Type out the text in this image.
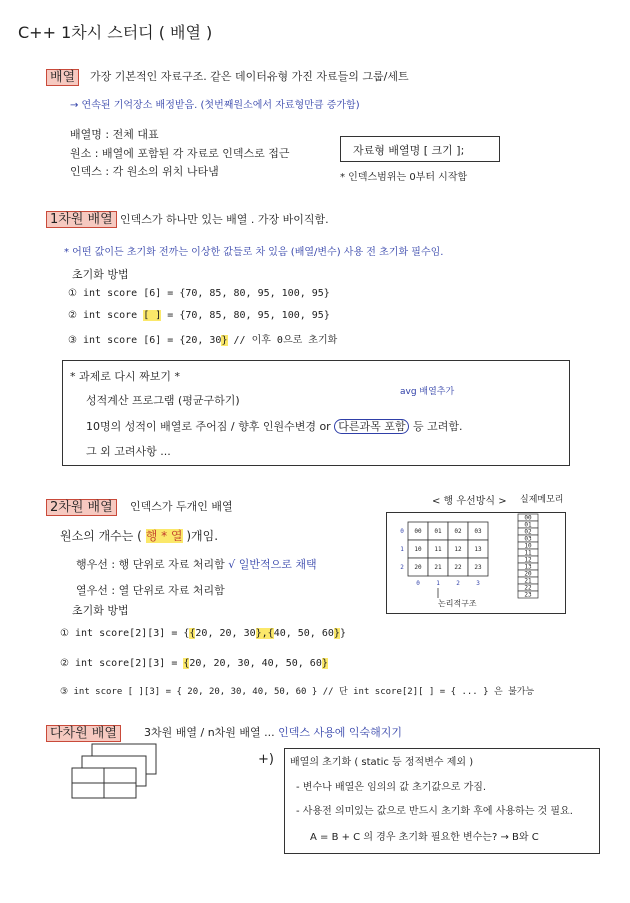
C++ 1차시 스터디 ( 배열 )
배열	가장 기본적인 자료구조. 같은 데이터유형 가진 자료들의 그룹/세트
→ 연속된 기억장소 배정받음. (첫번째원소에서 자료형만큼 증가함)
배열명 : 전체 대표
원소 : 배열에 포함된 각 자료로 인덱스로 접근
인덱스 : 각 원소의 위치 나타냄
자료형 배열명 [ 크기 ];
* 인덱스범위는 0부터 시작함
1차원 배열 인덱스가 하나만 있는 배열 . 가장 바이직함.
* 어떤 값이든 초기화 전까는 이상한 값들로 차 있음 (배열/변수) 사용 전 초기화 필수임.
초기화 방법
① int score [6] = {70, 85, 80, 95, 100, 95}
② int score [ ] = {70, 85, 80, 95, 100, 95}
③ int score [6] = {20, 30} // 이후 0으로 초기화
* 과제로 다시 짜보기 *
성적계산 프로그램 (평균구하기)
avg 배열추가
10명의 성적이 배열로 주어짐 / 향후 인원수변경 or 다른과목 포함 등 고려함.
그 외 고려사항 ...
2차원 배열	인덱스가 두개인 배열
원소의 개수는 ( 행 * 열 )개임.
행우선 : 행 단위로 자료 처리함 √ 일반적으로 채택
열우선 : 열 단위로 자료 처리함
초기화 방법
① int score[2][3] = {{20, 20, 30},{40, 50, 60}}
② int score[2][3] = {20, 20, 30, 40, 50, 60}
③ int score [ ][3] = { 20, 20, 30, 40, 50, 60 } // 단 int score[2][ ] = { ... } 은 불가능
< 행 우선방식 > 실제메모리
논리적구조
00 01 02 03
0
10 11 12 13
1
20 21 22 23
2
0	1	2	3
00
01
02
03
10
11
12
13
20
21
22
23
다차원 배열	3차원 배열 / n차원 배열 ... 인덱스 사용에 익숙해지기
+) 배열의 초기화 ( static 등 정적변수 제외 )
- 변수나 배열은 임의의 값 초기값으로 가짐.
- 사용전 의미있는 값으로 반드시 초기화 후에 사용하는 것 필요.
A = B + C 의 경우 초기화 필요한 변수는? → B와 C
